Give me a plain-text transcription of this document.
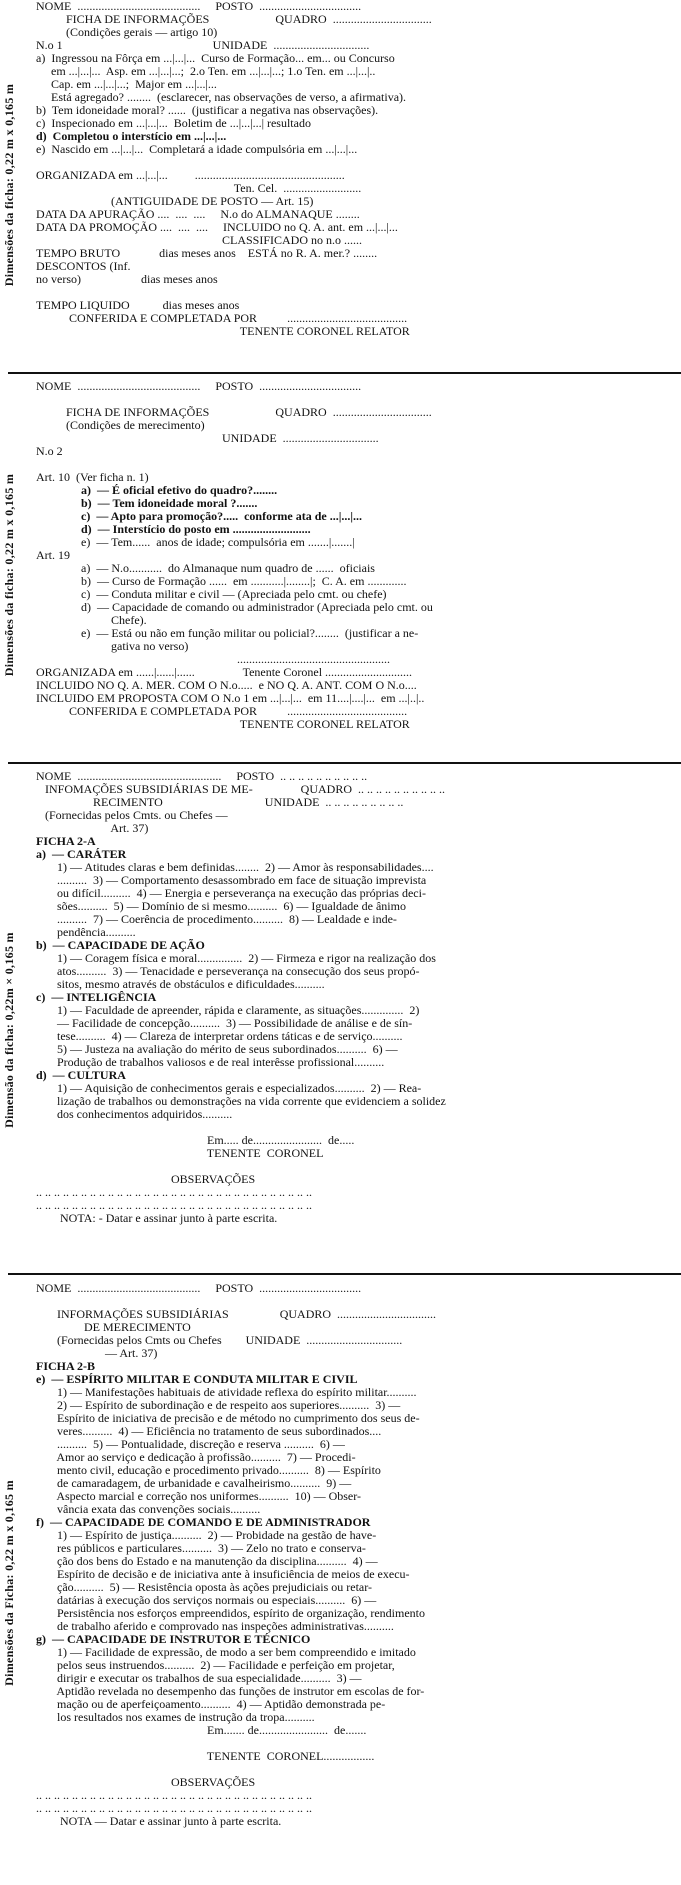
Dimensões da ficha: 0,22 m x 0,165 m
NOME  .........................................     POSTO  ..................................
FICHA DE INFORMAÇÕES                      QUADRO  .................................
(Condições gerais — artigo 10)
N.o 1                                                  UNIDADE  ................................
a)  Ingressou na Fôrça em ...|...|...  Curso de Formação... em... ou Concurso
em ...|...|...  Asp. em ...|...|...;  2.o Ten. em ...|...|...; 1.o Ten. em ...|...|..
Cap. em ...|...|...;  Major em ...|...|...
Está agregado? ........  (esclarecer, nas observações de verso, a afirmativa).
b)  Tem idoneidade moral? ......  (justificar a negativa nas observações).
c)  Inspecionado em ...|...|...  Boletim de ...|...|...| resultado
d)  Completou o interstício em ...|...|...
e)  Nascido em ...|...|...  Completará a idade compulsória em ...|...|...
ORGANIZADA em ...|...|...         ..................................................
Ten. Cel.  ..........................
(ANTIGUIDADE DE POSTO — Art. 15)
DATA DA APURAÇÃO ....  ....  ....     N.o do ALMANAQUE ........
DATA DA PROMOÇÃO ....  ....  ....     INCLUIDO no Q. A. ant. em ...|...|...
CLASSIFICADO no n.o ......
TEMPO BRUTO             dias meses anos    ESTÁ no R. A. mer.? ........
DESCONTOS (Inf.
no verso)                    dias meses anos
TEMPO LIQUIDO           dias meses anos
CONFERIDA E COMPLETADA POR          ........................................
TENENTE CORONEL RELATOR
Dimensões da ficha: 0,22 m x 0,165 m
NOME  .........................................     POSTO  ..................................
FICHA DE INFORMAÇÕES                      QUADRO  .................................
(Condições de merecimento)
UNIDADE  ................................
N.o 2
Art. 10  (Ver ficha n. 1)
a)  — É oficial efetivo do quadro?........
b)  — Tem idoneidade moral ?.......
c)  — Apto para promoção?.....  conforme ata de ...|...|...
d)  — Interstício do posto em ..........................
e)  — Tem......  anos de idade; compulsória em .......|.......|
Art. 19
a)  — N.o...........  do Almanaque num quadro de ......  oficiais
b)  — Curso de Formação ......  em ...........|........|;  C. A. em .............
c)  — Conduta militar e civil — (Apreciada pelo cmt. ou chefe)
d)  — Capacidade de comando ou administrador (Apreciada pelo cmt. ou
Chefe).
e)  — Está ou não em função militar ou policial?........  (justificar a ne-
gativa no verso)
...................................................
ORGANIZADA em ......|......|......                Tenente Coronel .............................
INCLUIDO NO Q. A. MER. COM O N.o.....  e NO Q. A. ANT. COM O N.o....
INCLUIDO EM PROPOSTA COM O N.o 1 em ...|...|...  em 11....|....|...  em ...|..|..
CONFERIDA E COMPLETADA POR          ........................................
TENENTE CORONEL RELATOR
Dimensão da ficha: 0,22m × 0,165 m
NOME  ................................................     POSTO  .. .. .. .. .. .. .. .. .. ..
INFOMAÇÕES SUBSIDIÁRIAS DE ME-                QUADRO  .. .. .. .. .. .. .. .. .. ..
RECIMENTO                                  UNIDADE  .. .. .. .. .. .. .. .. ..
(Fornecidas pelos Cmts. ou Chefes —
Art. 37)
FICHA 2-A
a)  — CARÁTER
1) — Atitudes claras e bem definidas........  2) — Amor às responsabilidades....
..........  3) — Comportamento desassombrado em face de situação imprevista
ou difícil..........  4) — Energia e perseverança na execução das próprias deci-
sões..........  5) — Domínio de si mesmo..........  6) — Igualdade de ânimo
..........  7) — Coerência de procedimento..........  8) — Lealdade e inde-
pendência..........
b)  — CAPACIDADE DE AÇÃO
1) — Coragem física e moral...............  2) — Firmeza e rigor na realização dos
atos..........  3) — Tenacidade e perseverança na consecução dos seus propó-
sitos, mesmo através de obstáculos e dificuldades..........
c)  — INTELIGÊNCIA
1) — Faculdade de apreender, rápida e claramente, as situações..............  2)
— Facilidade de concepção..........  3) — Possibilidade de análise e de sín-
tese..........  4) — Clareza de interpretar ordens táticas e de serviço..........
5) — Justeza na avaliação do mérito de seus subordinados..........  6) —
Produção de trabalhos valiosos e de real interêsse profissional..........
d)  — CULTURA
1) — Aquisição de conhecimentos gerais e especializados..........  2) — Rea-
lização de trabalhos ou demonstrações na vida corrente que evidenciem a solidez
dos conhecimentos adquiridos..........
Em..... de.......................  de.....
TENENTE  CORONEL
OBSERVAÇÕES
.. .. .. .. .. .. .. .. .. .. .. .. .. .. .. .. .. .. .. .. .. .. .. .. .. .. .. .. .. .. ..
.. .. .. .. .. .. .. .. .. .. .. .. .. .. .. .. .. .. .. .. .. .. .. .. .. .. .. .. .. .. ..
NOTA: - Datar e assinar junto à parte escrita.
Dimensões da Ficha: 0,22 m x 0,165 m
NOME  .........................................     POSTO  ..................................
INFORMAÇÕES SUBSIDIÁRIAS                 QUADRO  .................................
DE MERECIMENTO
(Fornecidas pelos Cmts ou Chefes        UNIDADE  ................................
— Art. 37)
FICHA 2-B
e)  — ESPÍRITO MILITAR E CONDUTA MILITAR E CIVIL
1) — Manifestações habituais de atividade reflexa do espírito militar..........
2) — Espírito de subordinação e de respeito aos superiores..........  3) —
Espírito de iniciativa de precisão e de método no cumprimento dos seus de-
veres..........  4) — Eficiência no tratamento de seus subordinados....
..........  5) — Pontualidade, discreção e reserva ..........  6) —
Amor ao serviço e dedicação à profissão..........  7) — Procedi-
mento civil, educação e procedimento privado..........  8) — Espírito
de camaradagem, de urbanidade e cavalheirismo..........  9) —
Aspecto marcial e correção nos uniformes..........  10) — Obser-
vância exata das convenções sociais..........
f)  — CAPACIDADE DE COMANDO E DE ADMINISTRADOR
1) — Espírito de justiça..........  2) — Probidade na gestão de have-
res públicos e particulares..........  3) — Zelo no trato e conserva-
ção dos bens do Estado e na manutenção da disciplina..........  4) —
Espírito de decisão e de iniciativa ante à insuficiência de meios de execu-
ção..........  5) — Resistência oposta às ações prejudiciais ou retar-
datárias à execução dos serviços normais ou especiais..........  6) —
Persistência nos esforços empreendidos, espírito de organização, rendimento
de trabalho aferido e comprovado nas inspeções administrativas..........
g)  — CAPACIDADE DE INSTRUTOR E TÉCNICO
1) — Facilidade de expressão, de modo a ser bem compreendido e imitado
pelos seus instruendos..........  2) — Facilidade e perfeição em projetar,
dirigir e executar os trabalhos de sua especialidade..........  3) —
Aptidão revelada no desempenho das funções de instrutor em escolas de for-
mação ou de aperfeiçoamento..........  4) — Aptidão demonstrada pe-
los resultados nos exames de instrução da tropa..........
Em....... de.......................  de.......
TENENTE  CORONEL.................
OBSERVAÇÕES
.. .. .. .. .. .. .. .. .. .. .. .. .. .. .. .. .. .. .. .. .. .. .. .. .. .. .. .. .. .. ..
.. .. .. .. .. .. .. .. .. .. .. .. .. .. .. .. .. .. .. .. .. .. .. .. .. .. .. .. .. .. ..
NOTA — Datar e assinar junto à parte escrita.
